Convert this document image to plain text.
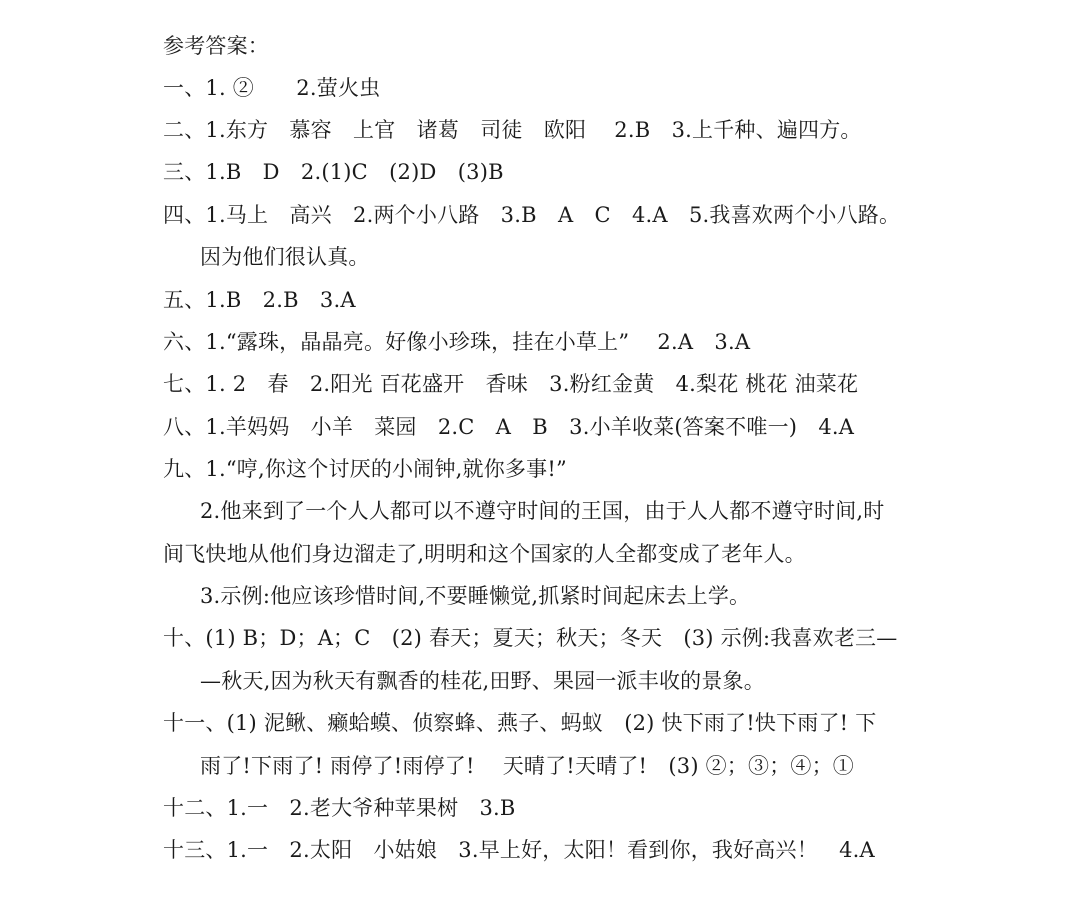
参考答案：
一、1. ②　　2.萤火虫
二、1.东方　慕容　上官　诸葛　司徒　欧阳　 2.B　3.上千种、遍四方。
三、1.B　D　2.(1)C　(2)D　(3)B
四、1.马上　高兴　2.两个小八路　3.B　A　C　4.A　5.我喜欢两个小八路。
因为他们很认真。
五、1.B　2.B　3.A
六、1.“露珠，晶晶亮。好像小珍珠，挂在小草上”　 2.A　3.A
七、1. 2　春　2.阳光 百花盛开　香味　3.粉红金黄　4.梨花 桃花 油菜花
八、1.羊妈妈　小羊　菜园　2.C　A　B　3.小羊收菜(答案不唯一)　4.A
九、1.“哼,你这个讨厌的小闹钟,就你多事!”
2.他来到了一个人人都可以不遵守时间的王国，由于人人都不遵守时间,时
间飞快地从他们身边溜走了,明明和这个国家的人全都变成了老年人。
3.示例:他应该珍惜时间,不要睡懒觉,抓紧时间起床去上学。
十、(1) B；D；A；C　(2) 春天；夏天；秋天；冬天　(3) 示例:我喜欢老三—
—秋天,因为秋天有飘香的桂花,田野、果园一派丰收的景象。
十一、(1) 泥鳅、癞蛤蟆、侦察蜂、燕子、蚂蚁　(2) 快下雨了!快下雨了! 下
雨了!下雨了! 雨停了!雨停了!　 天晴了!天晴了!　(3) ②；③；④；①
十二、1.一　2.老大爷种苹果树　3.B
十三、1.一　2.太阳　小姑娘　3.早上好，太阳！看到你，我好高兴！　4.A
